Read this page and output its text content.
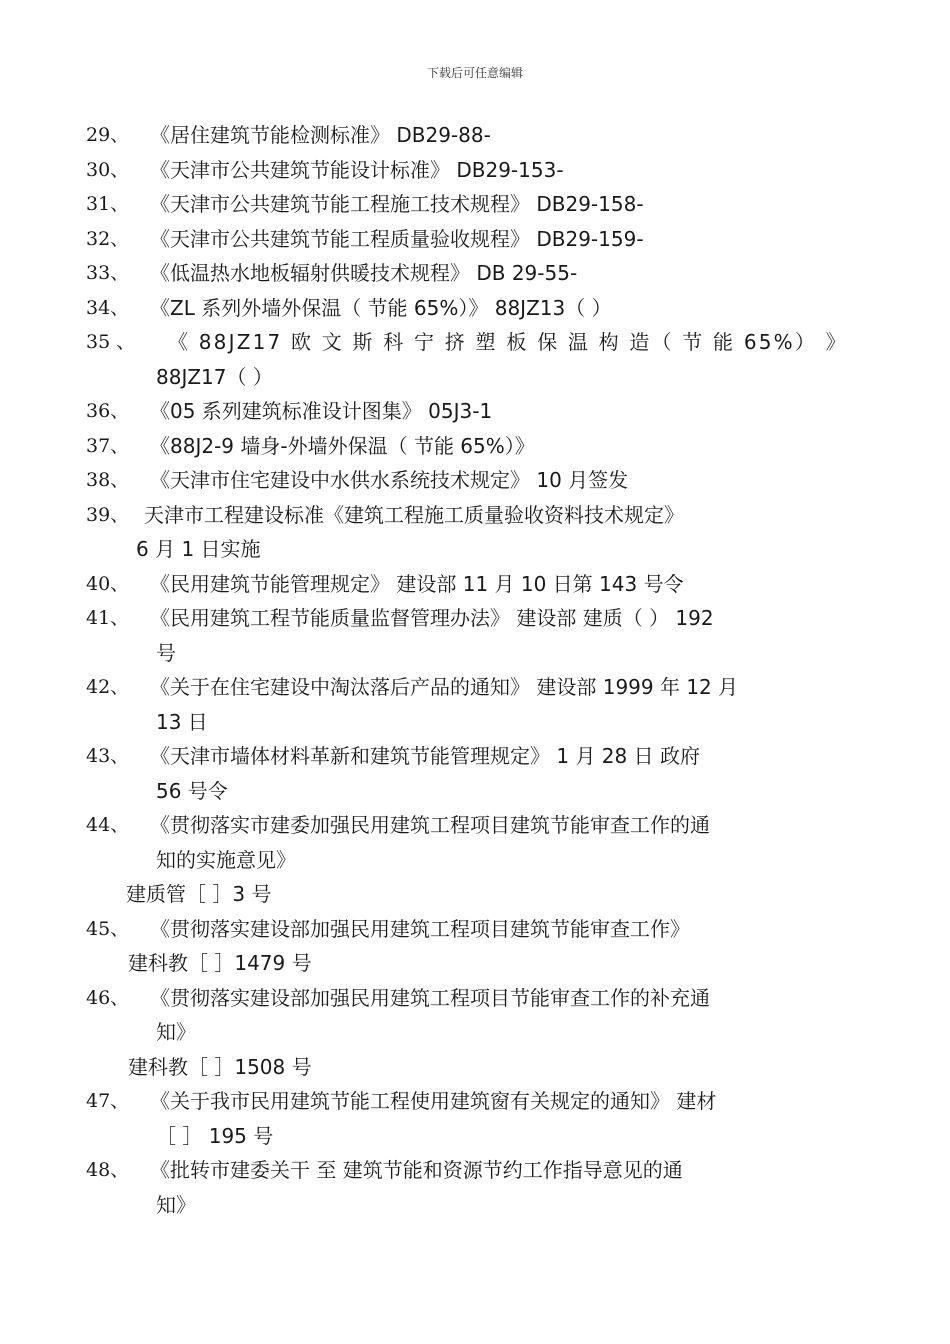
下载后可任意编辑
29、	《居住建筑节能检测标准》 DB29-88-
30、	《天津市公共建筑节能设计标准》 DB29-153-
31、	《天津市公共建筑节能工程施工技术规程》 DB29-158-
32、	《天津市公共建筑节能工程质量验收规程》 DB29-159-
33、	《低温热水地板辐射供暖技术规程》 DB 29-55-
34、	《ZL 系列外墙外保温（ 节能 65%）》 88JZ13（ ）
35 、	《 88JZ17 欧 文 斯 科 宁 挤 塑 板 保 温 构 造（ 节 能 65%） 》
88JZ17（ ）
36、	《05 系列建筑标准设计图集》 05J3-1
37、	《88J2-9 墙身-外墙外保温（ 节能 65%）》
38、	《天津市住宅建设中水供水系统技术规定》 10 月签发
39、 天津市工程建设标准《建筑工程施工质量验收资料技术规定》
6 月 1 日实施
40、	《民用建筑节能管理规定》 建设部 11 月 10 日第 143 号令
41、	《民用建筑工程节能质量监督管理办法》 建设部 建质（ ） 192
号
42、	《关于在住宅建设中淘汰落后产品的通知》 建设部 1999 年 12 月
13 日
43、	《天津市墙体材料革新和建筑节能管理规定》 1 月 28 日 政府
56 号令
44、	《贯彻落实市建委加强民用建筑工程项目建筑节能审查工作的通
知的实施意见》
建质管［ ］3 号
45、	《贯彻落实建设部加强民用建筑工程项目建筑节能审查工作》
建科教［ ］1479 号
46、	《贯彻落实建设部加强民用建筑工程项目节能审查工作的补充通
知》
建科教［ ］1508 号
47、	《关于我市民用建筑节能工程使用建筑窗有关规定的通知》 建材
［ ］ 195 号
48、	《批转市建委关干 至 建筑节能和资源节约工作指导意见的通
知》
